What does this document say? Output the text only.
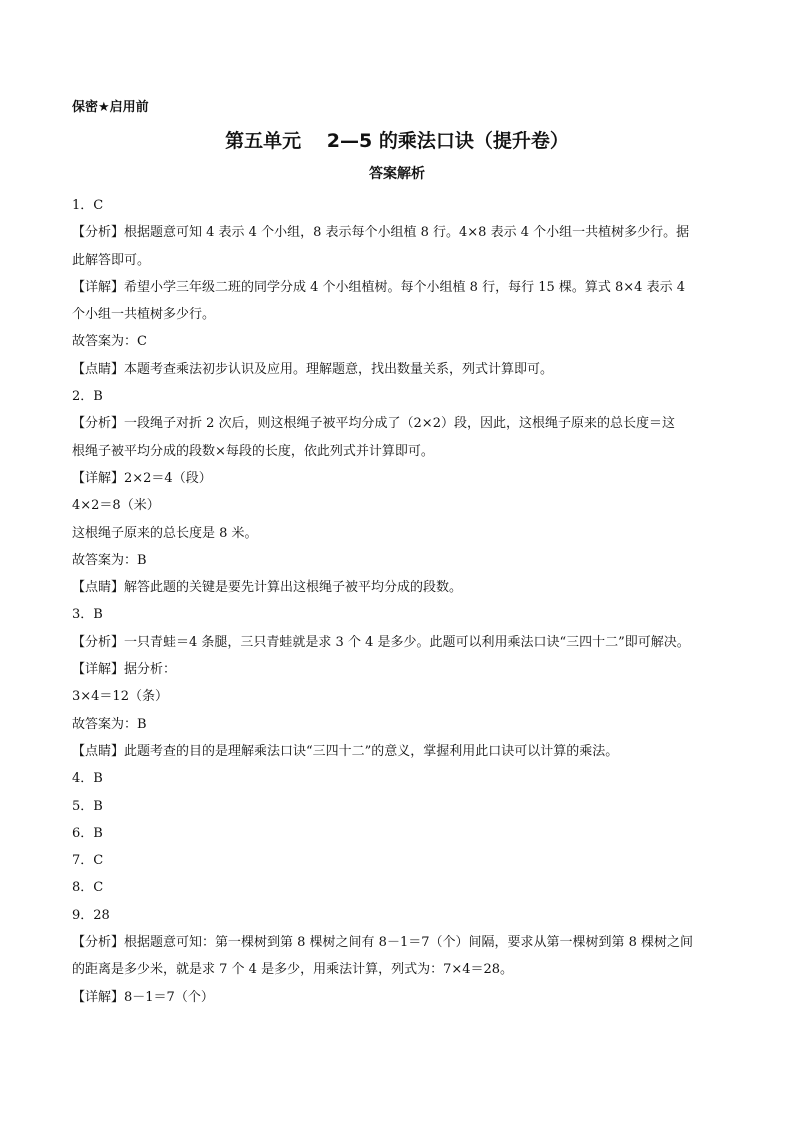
保密★启用前
第五单元　 2—5 的乘法口诀（提升卷）
答案解析
1．C
【分析】根据题意可知 4 表示 4 个小组，8 表示每个小组植 8 行。4×8 表示 4 个小组一共植树多少行。据
此解答即可。
【详解】希望小学三年级二班的同学分成 4 个小组植树。每个小组植 8 行，每行 15 棵。算式 8×4 表示 4
个小组一共植树多少行。
故答案为：C
【点睛】本题考查乘法初步认识及应用。理解题意，找出数量关系，列式计算即可。
2．B
【分析】一段绳子对折 2 次后，则这根绳子被平均分成了（2×2）段，因此，这根绳子原来的总长度＝这
根绳子被平均分成的段数×每段的长度，依此列式并计算即可。
【详解】2×2＝4（段）
4×2＝8（米）
这根绳子原来的总长度是 8 米。
故答案为：B
【点睛】解答此题的关键是要先计算出这根绳子被平均分成的段数。
3．B
【分析】一只青蛙＝4 条腿，三只青蛙就是求 3 个 4 是多少。此题可以利用乘法口诀“三四十二”即可解决。
【详解】据分析：
3×4＝12（条）
故答案为：B
【点睛】此题考查的目的是理解乘法口诀“三四十二”的意义，掌握利用此口诀可以计算的乘法。
4．B
5．B
6．B
7．C
8．C
9．28
【分析】根据题意可知：第一棵树到第 8 棵树之间有 8－1＝7（个）间隔，要求从第一棵树到第 8 棵树之间
的距离是多少米，就是求 7 个 4 是多少，用乘法计算，列式为：7×4＝28。
【详解】8－1＝7（个）
